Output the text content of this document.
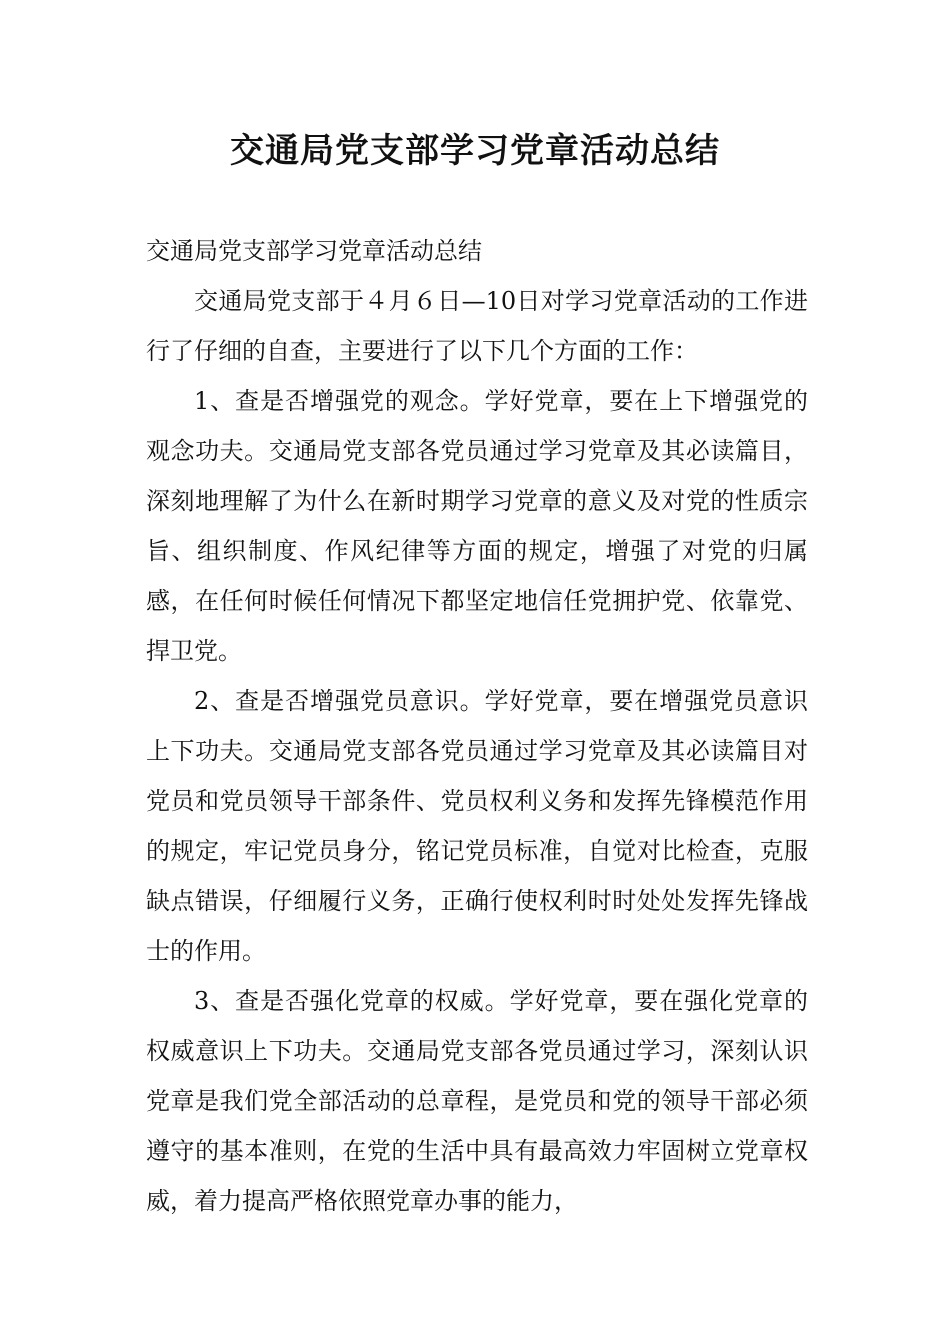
交通局党支部学习党章活动总结

交通局党支部学习党章活动总结

交通局党支部于４月６日—10日对学习党章活动的工作进行了仔细的自查，主要进行了以下几个方面的工作：

1、查是否增强党的观念。学好党章，要在上下增强党的观念功夫。交通局党支部各党员通过学习党章及其必读篇目，深刻地理解了为什么在新时期学习党章的意义及对党的性质宗旨、组织制度、作风纪律等方面的规定，增强了对党的归属感，在任何时候任何情况下都坚定地信任党拥护党、依靠党、捍卫党。

2、查是否增强党员意识。学好党章，要在增强党员意识上下功夫。交通局党支部各党员通过学习党章及其必读篇目对党员和党员领导干部条件、党员权利义务和发挥先锋模范作用的规定，牢记党员身分，铭记党员标准，自觉对比检查，克服缺点错误，仔细履行义务，正确行使权利时时处处发挥先锋战士的作用。

3、查是否强化党章的权威。学好党章，要在强化党章的权威意识上下功夫。交通局党支部各党员通过学习，深刻认识党章是我们党全部活动的总章程，是党员和党的领导干部必须遵守的基本准则，在党的生活中具有最高效力牢固树立党章权威，着力提高严格依照党章办事的能力，
